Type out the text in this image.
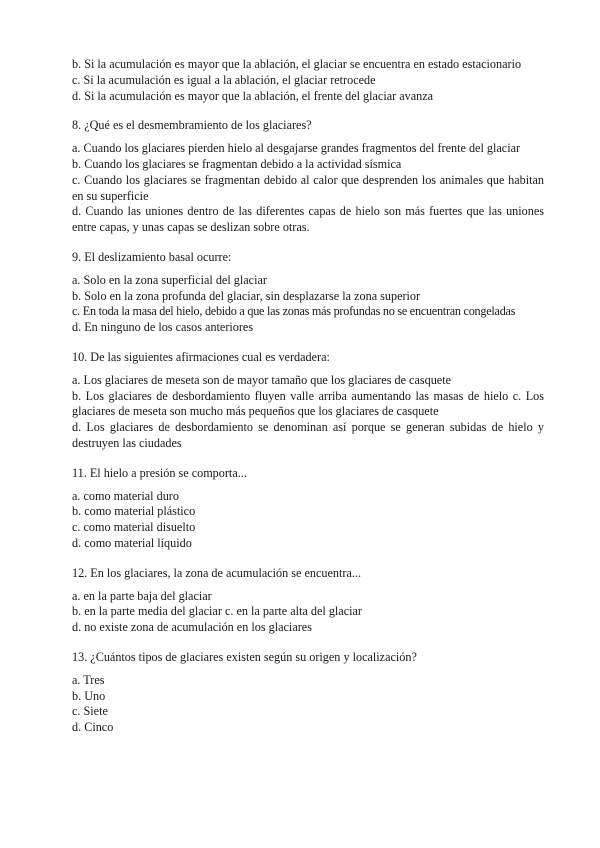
b. Si la acumulación es mayor que la ablación, el glaciar se encuentra en estado estacionario
c. Si la acumulación es igual a la ablación, el glaciar retrocede
d. Si la acumulación es mayor que la ablación, el frente del glaciar avanza
8. ¿Qué es el desmembramiento de los glaciares?
a. Cuando los glaciares pierden hielo al desgajarse grandes fragmentos del frente del glaciar
b. Cuando los glaciares se fragmentan debido a la actividad sísmica
c. Cuando los glaciares se fragmentan debido al calor que desprenden los animales que habitan en su superficie
d. Cuando las uniones dentro de las diferentes capas de hielo son más fuertes que las uniones entre capas, y unas capas se deslizan sobre otras.
9. El deslizamiento basal ocurre:
a. Solo en la zona superficial del glaciar
b. Solo en la zona profunda del glaciar, sin desplazarse la zona superior
c. En toda la masa del hielo, debido a que las zonas más profundas no se encuentran congeladas
d. En ninguno de los casos anteriores
10. De las siguientes afirmaciones cual es verdadera:
a. Los glaciares de meseta son de mayor tamaño que los glaciares de casquete
b. Los glaciares de desbordamiento fluyen valle arriba aumentando las masas de hielo c. Los glaciares de meseta son mucho más pequeños que los glaciares de casquete
d. Los glaciares de desbordamiento se denominan así porque se generan subidas de hielo y destruyen las ciudades
11. El hielo a presión se comporta...
a. como material duro
b. como material plástico
c. como material disuelto
d. como material líquido
12. En los glaciares, la zona de acumulación se encuentra...
a. en la parte baja del glaciar
b. en la parte media del glaciar c. en la parte alta del glaciar
d. no existe zona de acumulación en los glaciares
13. ¿Cuántos tipos de glaciares existen según su origen y localización?
a. Tres
b. Uno
c. Siete
d. Cinco
